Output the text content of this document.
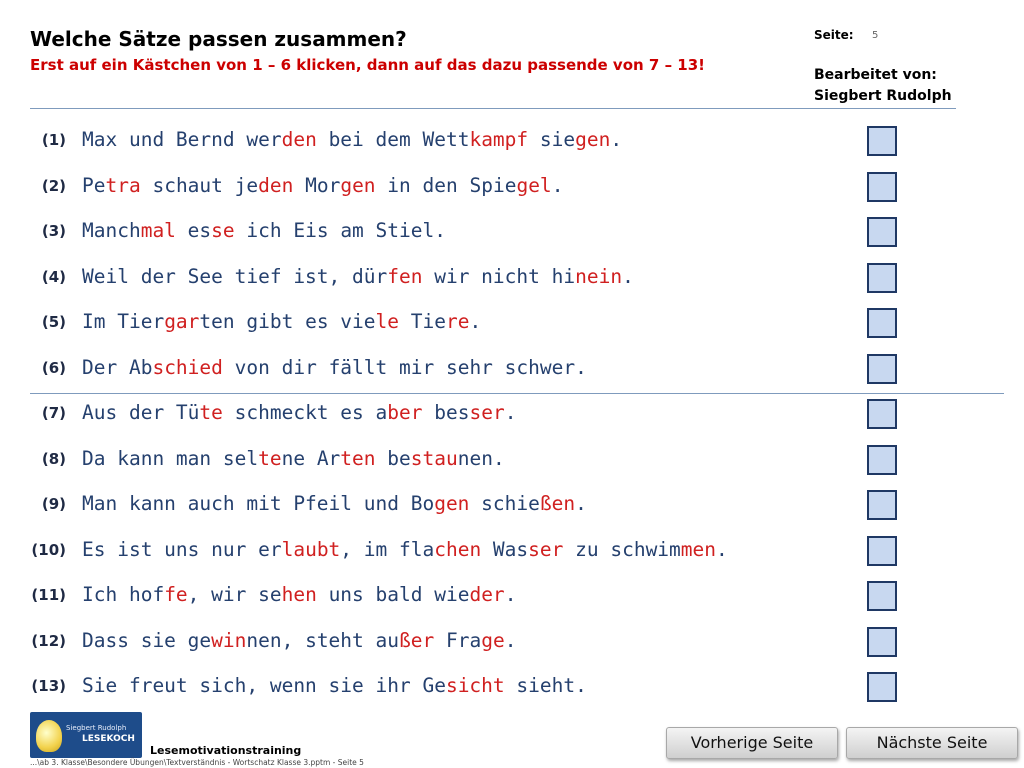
Welche Sätze passen zusammen?
Erst auf ein Kästchen von 1 – 6 klicken, dann auf das dazu passende von 7 – 13!
Seite: 5
Bearbeitet von:
Siegbert Rudolph
(1) Max und Bernd werden bei dem Wettkampf siegen.
(2) Petra schaut jeden Morgen in den Spiegel.
(3) Manchmal esse ich Eis am Stiel.
(4) Weil der See tief ist, dürfen wir nicht hinein.
(5) Im Tiergarten gibt es viele Tiere.
(6) Der Abschied von dir fällt mir sehr schwer.
(7) Aus der Tüte schmeckt es aber besser.
(8) Da kann man seltene Arten bestaunen.
(9) Man kann auch mit Pfeil und Bogen schießen.
(10) Es ist uns nur erlaubt, im flachen Wasser zu schwimmen.
(11) Ich hoffe, wir sehen uns bald wieder.
(12) Dass sie gewinnen, steht außer Frage.
(13) Sie freut sich, wenn sie ihr Gesicht sieht.
Siegbert Rudolph
LESEKOCH
Lesemotivationstraining
...\ab 3. Klasse\Besondere Übungen\Textverständnis - Wortschatz Klasse 3.pptm - Seite 5
Vorherige Seite	Nächste Seite
